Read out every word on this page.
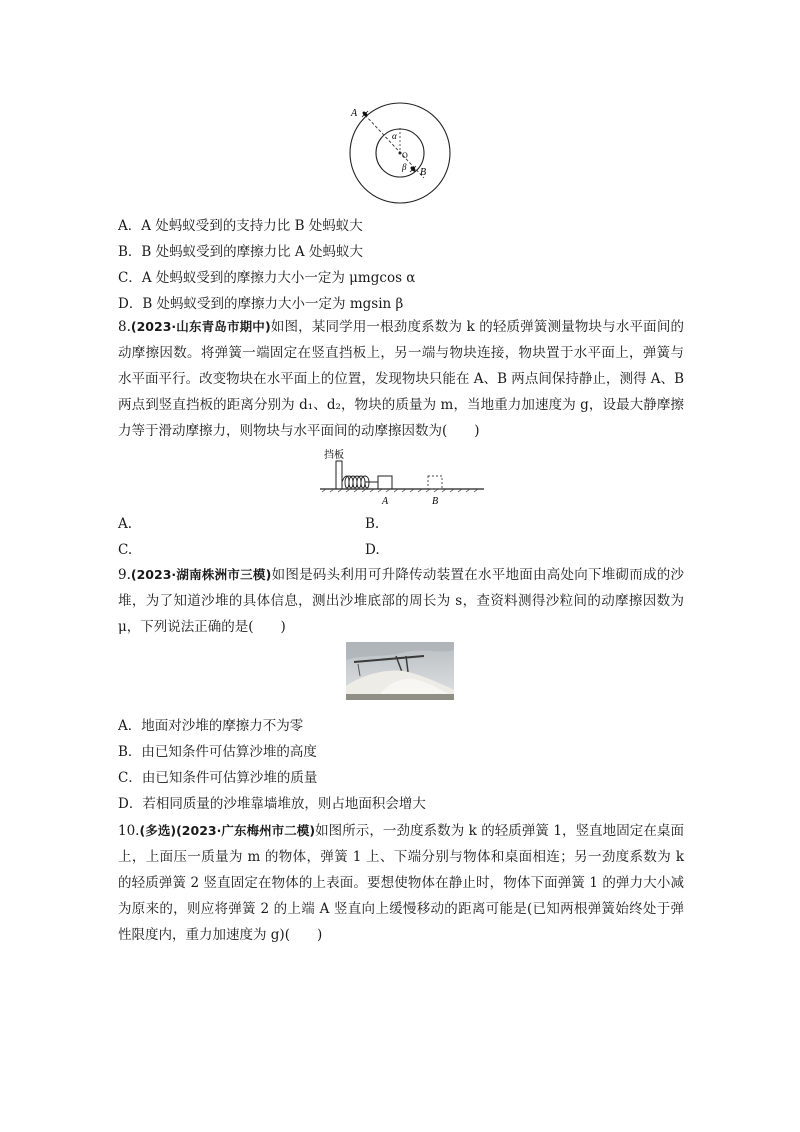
A
B
α
β
O
A．A 处蚂蚁受到的支持力比 B 处蚂蚁大
B．B 处蚂蚁受到的摩擦力比 A 处蚂蚁大
C．A 处蚂蚁受到的摩擦力大小一定为 μmgcos α
D．B 处蚂蚁受到的摩擦力大小一定为 mgsin β
8.(2023·山东青岛市期中)如图，某同学用一根劲度系数为 k 的轻质弹簧测量物块与水平面间的动摩擦因数。将弹簧一端固定在竖直挡板上，另一端与物块连接，物块置于水平面上，弹簧与水平面平行。改变物块在水平面上的位置，发现物块只能在 A、B 两点间保持静止，测得 A、B 两点到竖直挡板的距离分别为 d₁、d₂，物块的质量为 m，当地重力加速度为 g，设最大静摩擦力等于滑动摩擦力，则物块与水平面间的动摩擦因数为(　　)
挡板
A	B
A.	B.
C.	D.
9.(2023·湖南株洲市三模)如图是码头利用可升降传动装置在水平地面由高处向下堆砌而成的沙堆，为了知道沙堆的具体信息，测出沙堆底部的周长为 s，查资料测得沙粒间的动摩擦因数为 μ，下列说法正确的是(　　)
A．地面对沙堆的摩擦力不为零
B．由已知条件可估算沙堆的高度
C．由已知条件可估算沙堆的质量
D．若相同质量的沙堆靠墙堆放，则占地面积会增大
10.(多选)(2023·广东梅州市二模)如图所示，一劲度系数为 k 的轻质弹簧 1，竖直地固定在桌面上，上面压一质量为 m 的物体，弹簧 1 上、下端分别与物体和桌面相连；另一劲度系数为 k 的轻质弹簧 2 竖直固定在物体的上表面。要想使物体在静止时，物体下面弹簧 1 的弹力大小减为原来的，则应将弹簧 2 的上端 A 竖直向上缓慢移动的距离可能是(已知两根弹簧始终处于弹性限度内，重力加速度为 g)(　　)
